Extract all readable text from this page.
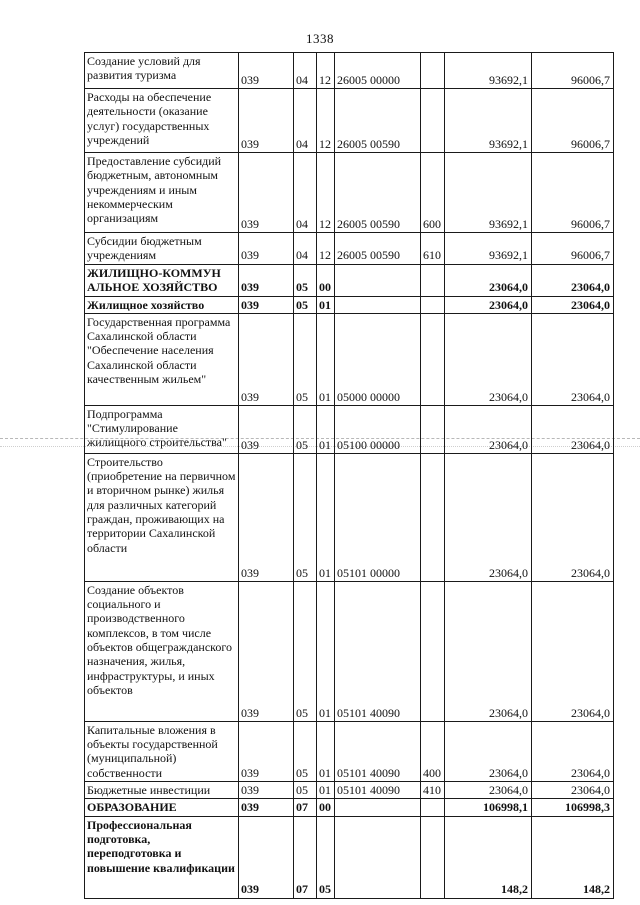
1338
Создание условий для развития туризма	039	04	12	26005 00000		93692,1	96006,7
Расходы на обеспечение деятельности (оказание услуг) государственных учреждений	039	04	12	26005 00590		93692,1	96006,7
Предоставление субсидий бюджетным, автономным учреждениям и иным некоммерческим организациям	039	04	12	26005 00590	600	93692,1	96006,7
Субсидии бюджетным учреждениям	039	04	12	26005 00590	610	93692,1	96006,7
ЖИЛИЩНО-КОММУН АЛЬНОЕ ХОЗЯЙСТВО	039	05	00			23064,0	23064,0
Жилищное хозяйство	039	05	01			23064,0	23064,0
Государственная программа Сахалинской области "Обеспечение населения Сахалинской области качественным жильем"	039	05	01	05000 00000		23064,0	23064,0
Подпрограмма "Стимулирование жилищного строительства"	039	05	01	05100 00000		23064,0	23064,0
Строительство (приобретение на первичном и вторичном рынке) жилья для различных категорий граждан, проживающих на территории Сахалинской области	039	05	01	05101 00000		23064,0	23064,0
Создание объектов социального и производственного комплексов, в том числе объектов общегражданского назначения, жилья, инфраструктуры, и иных объектов	039	05	01	05101 40090		23064,0	23064,0
Капитальные вложения в объекты государственной (муниципальной) собственности	039	05	01	05101 40090	400	23064,0	23064,0
Бюджетные инвестиции	039	05	01	05101 40090	410	23064,0	23064,0
ОБРАЗОВАНИЕ	039	07	00			106998,1	106998,3
Профессиональная подготовка, переподготовка и повышение квалификации	039	07	05			148,2	148,2
